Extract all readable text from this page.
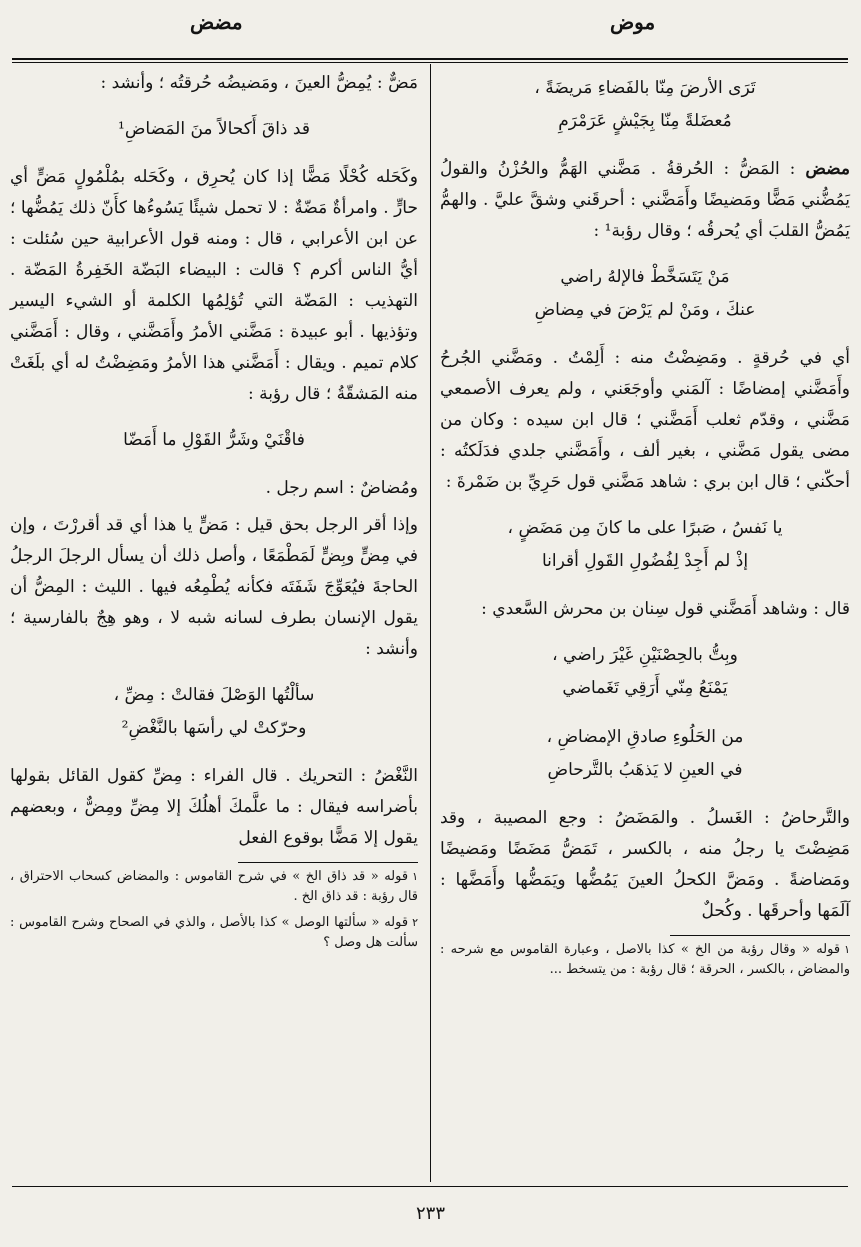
مضض	موض
تَرَى الأرضَ مِنّا بالفَضاءِ مَريضَةً ،
مُعضَلةً مِنّا بِجَيْشٍ عَرَمْرَمِ

مضض : المَضُّ : الحُرقةُ . مَضَّني الهَمُّ والحُزْنُ والقولُ يَمُضُّني مَضًّا ومَضيضًا وأَمَضَّني : أحرقَني وشقَّ عليَّ . والهمُّ يَمُضُّ القلبَ أي يُحرقُه ؛ وقال رؤبة¹ :

مَنْ يَتَسَخَّطْ فالإلهُ راضي
عنكَ ، ومَنْ لم يَرْضَ في مِضاضِ

أي في حُرقةٍ . ومَضِضْتُ منه : أَلِمْتُ . ومَضَّني الجُرحُ وأَمَضَّني إمضاضًا : آلمَني وأوجَعَني ، ولم يعرف الأصمعي مَضَّني ، وقدّم ثعلب أَمَضَّني ؛ قال ابن سيده : وكان من مضى يقول مَضَّني ، بغير ألف ، وأَمَضَّني جلدي فدَلَكتُه : أحكّني ؛ قال ابن بري : شاهد مَضَّني قول حَرِيِّ بن ضَمْرةَ :

يا نَفسُ ، صَبرًا على ما كانَ مِن مَضَضٍ ،
إذْ لم أَجِدْ لِفُضُولِ القَولِ أقرانا

قال : وشاهد أَمَضَّني قول سِنان بن محرش السَّعدي :

وبِتُّ بالحِصْنَيْنِ غَيْرَ راضي ،
يَمْنَعُ مِنّي أَرَقِي تَغَماضي
من الحَلُوءِ صادقِ الإمضاضِ ،
في العينِ لا يَذهَبُ بالتَّرحاضِ

والتَّرحاضُ : الغَسلُ . والمَضَضُ : وجع المصيبة ، وقد مَضِضْتَ يا رجلُ منه ، بالكسر ، تَمَضُّ مَضَضًا ومَضيضًا ومَضاضةً . ومَضَّ الكحلُ العينَ يَمُضُّها ويَمَضُّها وأَمَضَّها : آلَمَها وأحرقَها . وكُحلٌ

١قوله « وقال رؤبة من الخ » كذا بالاصل ، وعبارة القاموس مع شرحه : والمضاض ، بالكسر ، الحرقة ؛ قال رؤبة : من يتسخط ...

مَضٌّ : يُمِضُّ العينَ ، ومَضيضُه حُرقتُه ؛ وأنشد :

قد ذاقَ أَكحالاً منَ المَضاضِ¹

وكَحَله كُحْلًا مَضًّا إذا كان يُحرِق ، وكَحَله بمُلْمُولٍ مَضٍّ أي حارٍّ . وامرأةٌ مَضّةٌ : لا تحمل شيئًا يَسُوءُها كأَنّ ذلك يَمُضُّها ؛ عن ابن الأعرابي ، قال : ومنه قول الأعرابية حين سُئلت : أيُّ الناس أكرم ؟ قالت : البيضاء البَضّة الخَفِرةُ المَضّة . التهذيب : المَضّة التي تُؤلِمُها الكلمة أو الشيء اليسير وتؤذيها . أبو عبيدة : مَضَّني الأمرُ وأَمَضَّني ، وقال : أَمَضَّني كلام تميم . ويقال : أَمَضَّني هذا الأمرُ ومَضِضْتُ له أي بلَغَتْ منه المَشقّةُ ؛ قال رؤبة :

فاقْنَيْ وشَرُّ القَوْلِ ما أَمَضّا

ومُضاضٌ : اسم رجل .

وإذا أقر الرجل بحق قيل : مَضٍّ يا هذا أي قد أقررْتَ ، وإن في مِضٍّ وبِضٍّ لَمَطْمَعًا ، وأصل ذلك أن يسأل الرجلَ الرجلُ الحاجةَ فيُعَوِّجَ شَفَتَه فكأنه يُطْمِعُه فيها . الليث : المِضُّ أن يقول الإنسان بطرف لسانه شبه لا ، وهو هِجٌ بالفارسية ؛ وأنشد :

سألْتُها الوَصْلَ فقالتْ : مِضِّ ،
وحرّكتْ لي رأسَها بالنَّغْضِ²

النَّغْضُ : التحريك . قال الفراء : مِضِّ كقول القائل بقولها بأضراسه فيقال : ما علَّمكَ أهلُكَ إلا مِضِّ ومِضٌّ ، وبعضهم يقول إلا مَضًّا بوقوع الفعل

١قوله « قد ذاق الخ » في شرح القاموس : والمضاض كسحاب الاحتراق ، قال رؤبة : قد ذاق الخ .

٢قوله « سألتها الوصل » كذا بالأصل ، والذي في الصحاح وشرح القاموس : سألت هل وصل ؟

٢٣٣
